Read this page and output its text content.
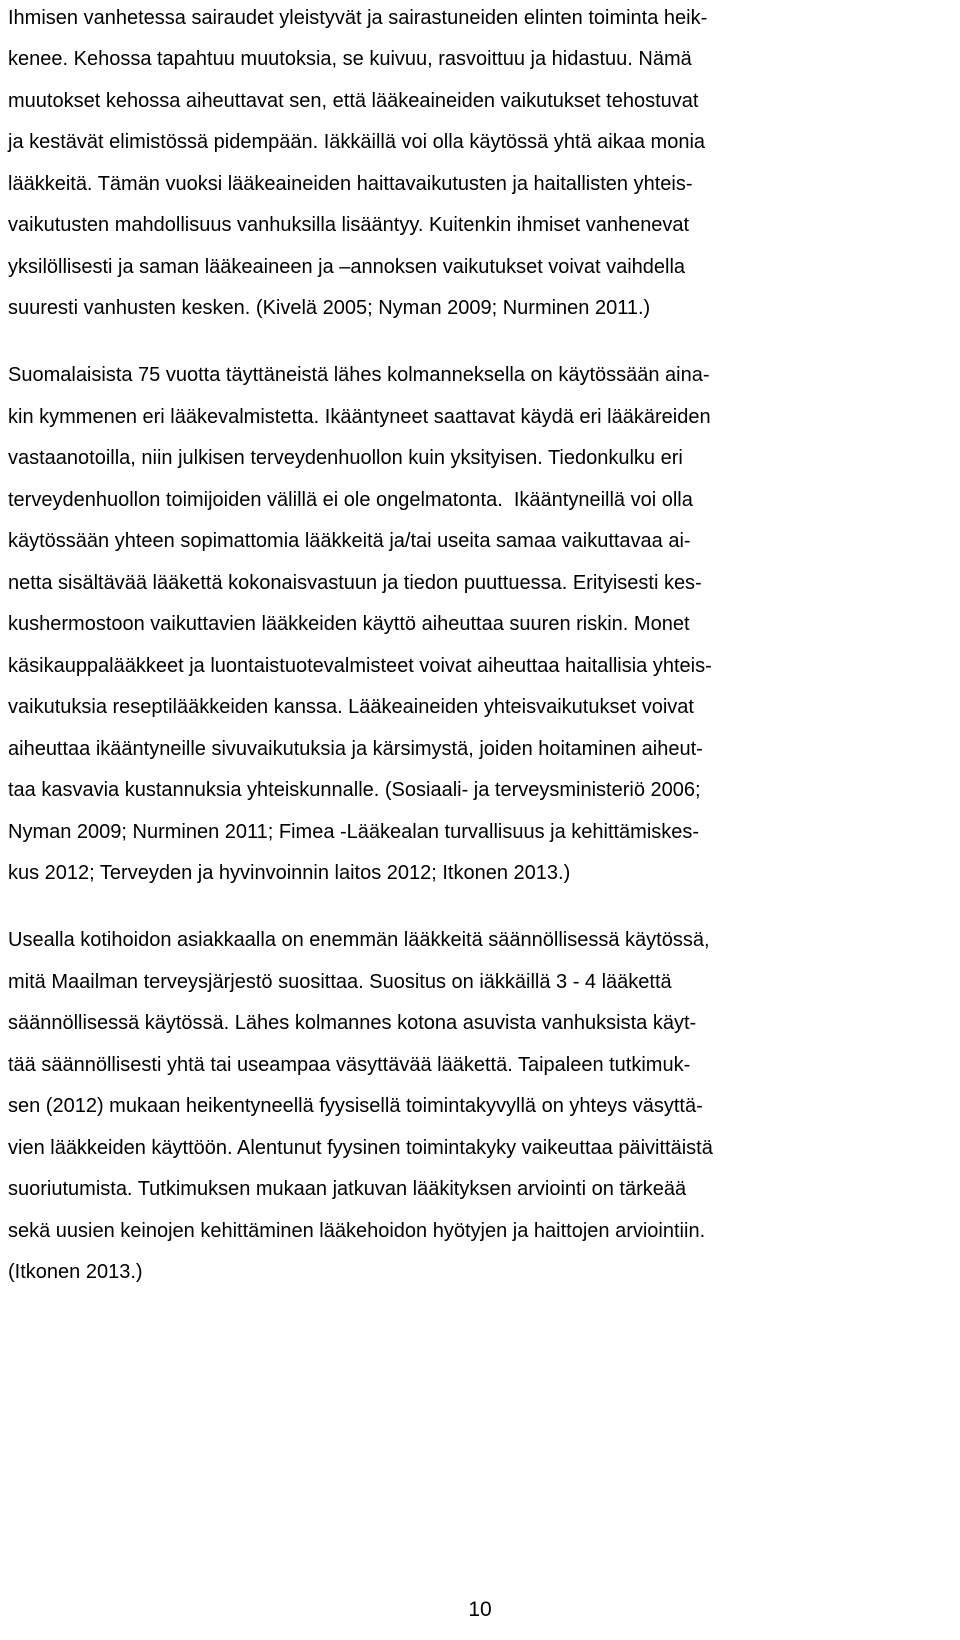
Ihmisen vanhetessa sairaudet yleistyvät ja sairastuneiden elinten toiminta heik-
kenee. Kehossa tapahtuu muutoksia, se kuivuu, rasvoittuu ja hidastuu. Nämä
muutokset kehossa aiheuttavat sen, että lääkeaineiden vaikutukset tehostuvat
ja kestävät elimistössä pidempään. Iäkkäillä voi olla käytössä yhtä aikaa monia
lääkkeitä. Tämän vuoksi lääkeaineiden haittavaikutusten ja haitallisten yhteis-
vaikutusten mahdollisuus vanhuksilla lisääntyy. Kuitenkin ihmiset vanhenevat
yksilöllisesti ja saman lääkeaineen ja –annoksen vaikutukset voivat vaihdella
suuresti vanhusten kesken. (Kivelä 2005; Nyman 2009; Nurminen 2011.)
Suomalaisista 75 vuotta täyttäneistä lähes kolmanneksella on käytössään aina-
kin kymmenen eri lääkevalmistetta. Ikääntyneet saattavat käydä eri lääkäreiden
vastaanotoilla, niin julkisen terveydenhuollon kuin yksityisen. Tiedonkulku eri
terveydenhuollon toimijoiden välillä ei ole ongelmatonta.  Ikääntyneillä voi olla
käytössään yhteen sopimattomia lääkkeitä ja/tai useita samaa vaikuttavaa ai-
netta sisältävää lääkettä kokonaisvastuun ja tiedon puuttuessa. Erityisesti kes-
kushermostoon vaikuttavien lääkkeiden käyttö aiheuttaa suuren riskin. Monet
käsikauppalääkkeet ja luontaistuotevalmisteet voivat aiheuttaa haitallisia yhteis-
vaikutuksia reseptilääkkeiden kanssa. Lääkeaineiden yhteisvaikutukset voivat
aiheuttaa ikääntyneille sivuvaikutuksia ja kärsimystä, joiden hoitaminen aiheut-
taa kasvavia kustannuksia yhteiskunnalle. (Sosiaali- ja terveysministeriö 2006;
Nyman 2009; Nurminen 2011; Fimea -Lääkealan turvallisuus ja kehittämiskes-
kus 2012; Terveyden ja hyvinvoinnin laitos 2012; Itkonen 2013.)
Usealla kotihoidon asiakkaalla on enemmän lääkkeitä säännöllisessä käytössä,
mitä Maailman terveysjärjestö suosittaa. Suositus on iäkkäillä 3 - 4 lääkettä
säännöllisessä käytössä. Lähes kolmannes kotona asuvista vanhuksista käyt-
tää säännöllisesti yhtä tai useampaa väsyttävää lääkettä. Taipaleen tutkimuk-
sen (2012) mukaan heikentyneellä fyysisellä toimintakyvyllä on yhteys väsyttä-
vien lääkkeiden käyttöön. Alentunut fyysinen toimintakyky vaikeuttaa päivittäistä
suoriutumista. Tutkimuksen mukaan jatkuvan lääkityksen arviointi on tärkeää
sekä uusien keinojen kehittäminen lääkehoidon hyötyjen ja haittojen arviointiin.
(Itkonen 2013.)
10
